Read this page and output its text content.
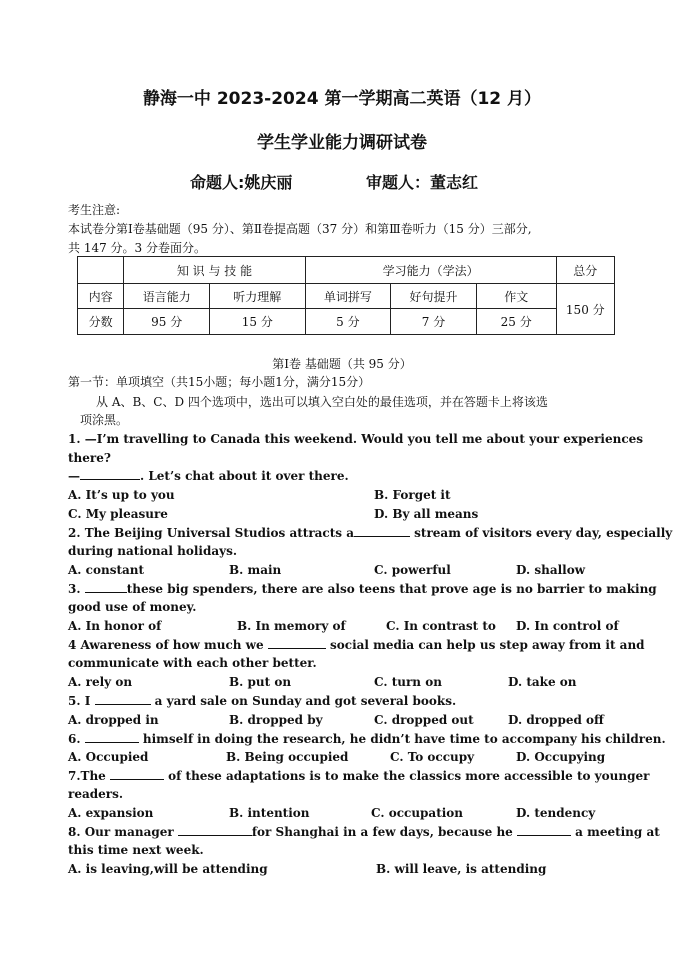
静海一中 2023-2024 第一学期高二英语（12 月）
学生学业能力调研试卷
命题人:姚庆丽	审题人：董志红
考生注意:
本试卷分第Ⅰ卷基础题（95 分）、第Ⅱ卷提高题（37 分）和第Ⅲ卷听力（15 分）三部分,
共 147 分。3 分卷面分。
	知 识 与 技 能		学习能力（学法）			总分
内容	语言能力	听力理解	单词拼写	好句提升	作文	150 分
分数	95 分	15 分	5 分	7 分	25 分	
第Ⅰ卷 基础题（共 95 分）
第一节：单项填空（共15小题；每小题1分，满分15分）
从 A、B、C、D 四个选项中，选出可以填入空白处的最佳选项，并在答题卡上将该选
项涂黑。
1. —I’m travelling to Canada this weekend. Would you tell me about your experiences
there?
—	. Let’s chat about it over there.
A. It’s up to you	B. Forget it
C. My pleasure	D. By all means
2. The Beijing Universal Studios attracts a	stream of visitors every day, especially
during national holidays.
A. constant	B. main	C. powerful	D. shallow
3.	these big spenders, there are also teens that prove age is no barrier to making
good use of money.
A. In honor of	B. In memory of	C. In contrast to D. In control of
4 Awareness of how much we	social media can help us step away from it and
communicate with each other better.
A. rely on	B. put on	C. turn on	D. take on
5. I	a yard sale on Sunday and got several books.
A. dropped in	B. dropped by	C. dropped out	D. dropped off
6.	himself in doing the research, he didn’t have time to accompany his children.
A. Occupied	B. Being occupied	C. To occupy	D. Occupying
7.The	of these adaptations is to make the classics more accessible to younger
readers.
A. expansion	B. intention	C. occupation	D. tendency
8. Our manager	for Shanghai in a few days, because he	a meeting at
this time next week.
A. is leaving,will be attending	B. will leave, is attending
